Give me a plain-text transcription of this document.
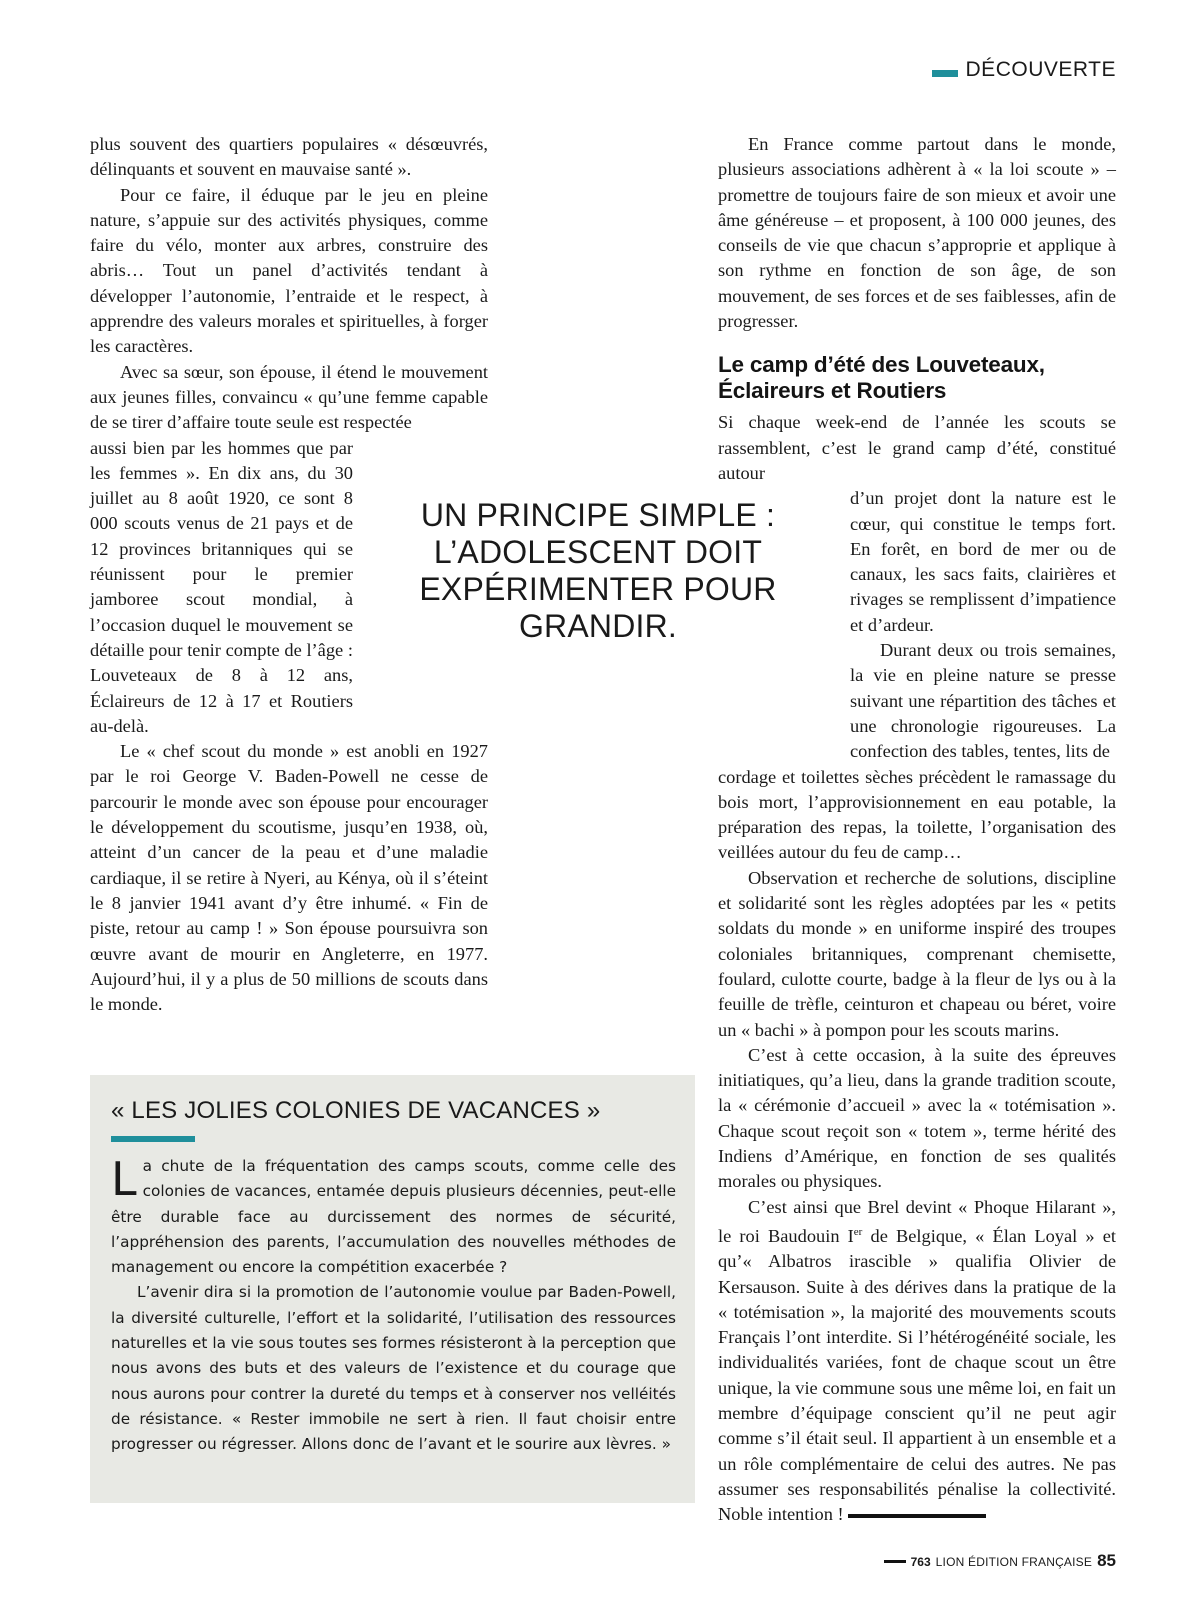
DÉCOUVERTE

plus souvent des quartiers populaires « désœuvrés, délinquants et souvent en mauvaise santé ».

Pour ce faire, il éduque par le jeu en pleine nature, s’appuie sur des activités physiques, comme faire du vélo, monter aux arbres, construire des abris… Tout un panel d’activités tendant à développer l’autonomie, l’entraide et le respect, à apprendre des valeurs morales et spirituelles, à forger les caractères.

Avec sa sœur, son épouse, il étend le mouvement aux jeunes filles, convaincu « qu’une femme capable de se tirer d’affaire toute seule est respectée

aussi bien par les hommes que par les femmes ». En dix ans, du 30 juillet au 8 août 1920, ce sont 8 000 scouts venus de 21 pays et de 12 provinces britanniques qui se réunissent pour le premier jamboree scout mondial, à l’occasion duquel le mouvement se détaille pour tenir compte de l’âge : Louveteaux de 8 à 12 ans, Éclaireurs de 12 à 17 et Routiers au-delà.

Le « chef scout du monde » est anobli en 1927 par le roi George V. Baden-Powell ne cesse de parcourir le monde avec son épouse pour encourager le développement du scoutisme, jusqu’en 1938, où, atteint d’un cancer de la peau et d’une maladie cardiaque, il se retire à Nyeri, au Kénya, où il s’éteint le 8 janvier 1941 avant d’y être inhumé. « Fin de piste, retour au camp ! » Son épouse poursuivra son œuvre avant de mourir en Angleterre, en 1977. Aujourd’hui, il y a plus de 50 millions de scouts dans le monde.

UN PRINCIPE SIMPLE : L’ADOLESCENT DOIT EXPÉRIMENTER POUR GRANDIR.

En France comme partout dans le monde, plusieurs associations adhèrent à « la loi scoute » – promettre de toujours faire de son mieux et avoir une âme généreuse – et proposent, à 100 000 jeunes, des conseils de vie que chacun s’approprie et applique à son rythme en fonction de son âge, de son mouvement, de ses forces et de ses faiblesses, afin de progresser.

Le camp d’été des Louveteaux, Éclaireurs et Routiers

Si chaque week-end de l’année les scouts se rassemblent, c’est le grand camp d’été, constitué autour

d’un projet dont la nature est le cœur, qui constitue le temps fort. En forêt, en bord de mer ou de canaux, les sacs faits, clairières et rivages se remplissent d’impatience et d’ardeur.

Durant deux ou trois semaines, la vie en pleine nature se presse suivant une répartition des tâches et une chronologie rigoureuses. La confection des tables, tentes, lits de

cordage et toilettes sèches précèdent le ramassage du bois mort, l’approvisionnement en eau potable, la préparation des repas, la toilette, l’organisation des veillées autour du feu de camp…

Observation et recherche de solutions, discipline et solidarité sont les règles adoptées par les « petits soldats du monde » en uniforme inspiré des troupes coloniales britanniques, comprenant chemisette, foulard, culotte courte, badge à la fleur de lys ou à la feuille de trèfle, ceinturon et chapeau ou béret, voire un « bachi » à pompon pour les scouts marins.

C’est à cette occasion, à la suite des épreuves initiatiques, qu’a lieu, dans la grande tradition scoute, la « cérémonie d’accueil » avec la « totémisation ». Chaque scout reçoit son « totem », terme hérité des Indiens d’Amérique, en fonction de ses qualités morales ou physiques.

C’est ainsi que Brel devint « Phoque Hilarant », le roi Baudouin Ier de Belgique, « Élan Loyal » et qu’« Albatros irascible » qualifia Olivier de Kersauson. Suite à des dérives dans la pratique de la « totémisation », la majorité des mouvements scouts Français l’ont interdite. Si l’hétérogénéité sociale, les individualités variées, font de chaque scout un être unique, la vie commune sous une même loi, en fait un membre d’équipage conscient qu’il ne peut agir comme s’il était seul. Il appartient à un ensemble et a un rôle complémentaire de celui des autres. Ne pas assumer ses responsabilités pénalise la collectivité. Noble intention !

« LES JOLIES COLONIES DE VACANCES »

La chute de la fréquentation des camps scouts, comme celle des colonies de vacances, entamée depuis plusieurs décennies, peut-elle être durable face au durcissement des normes de sécurité, l’appréhension des parents, l’accumulation des nouvelles méthodes de management ou encore la compétition exacerbée ?

L’avenir dira si la promotion de l’autonomie voulue par Baden-Powell, la diversité culturelle, l’effort et la solidarité, l’utilisation des ressources naturelles et la vie sous toutes ses formes résisteront à la perception que nous avons des buts et des valeurs de l’existence et du courage que nous aurons pour contrer la dureté du temps et à conserver nos velléités de résistance. « Rester immobile ne sert à rien. Il faut choisir entre progresser ou régresser. Allons donc de l’avant et le sourire aux lèvres. »

763 LION ÉDITION FRANÇAISE 85
